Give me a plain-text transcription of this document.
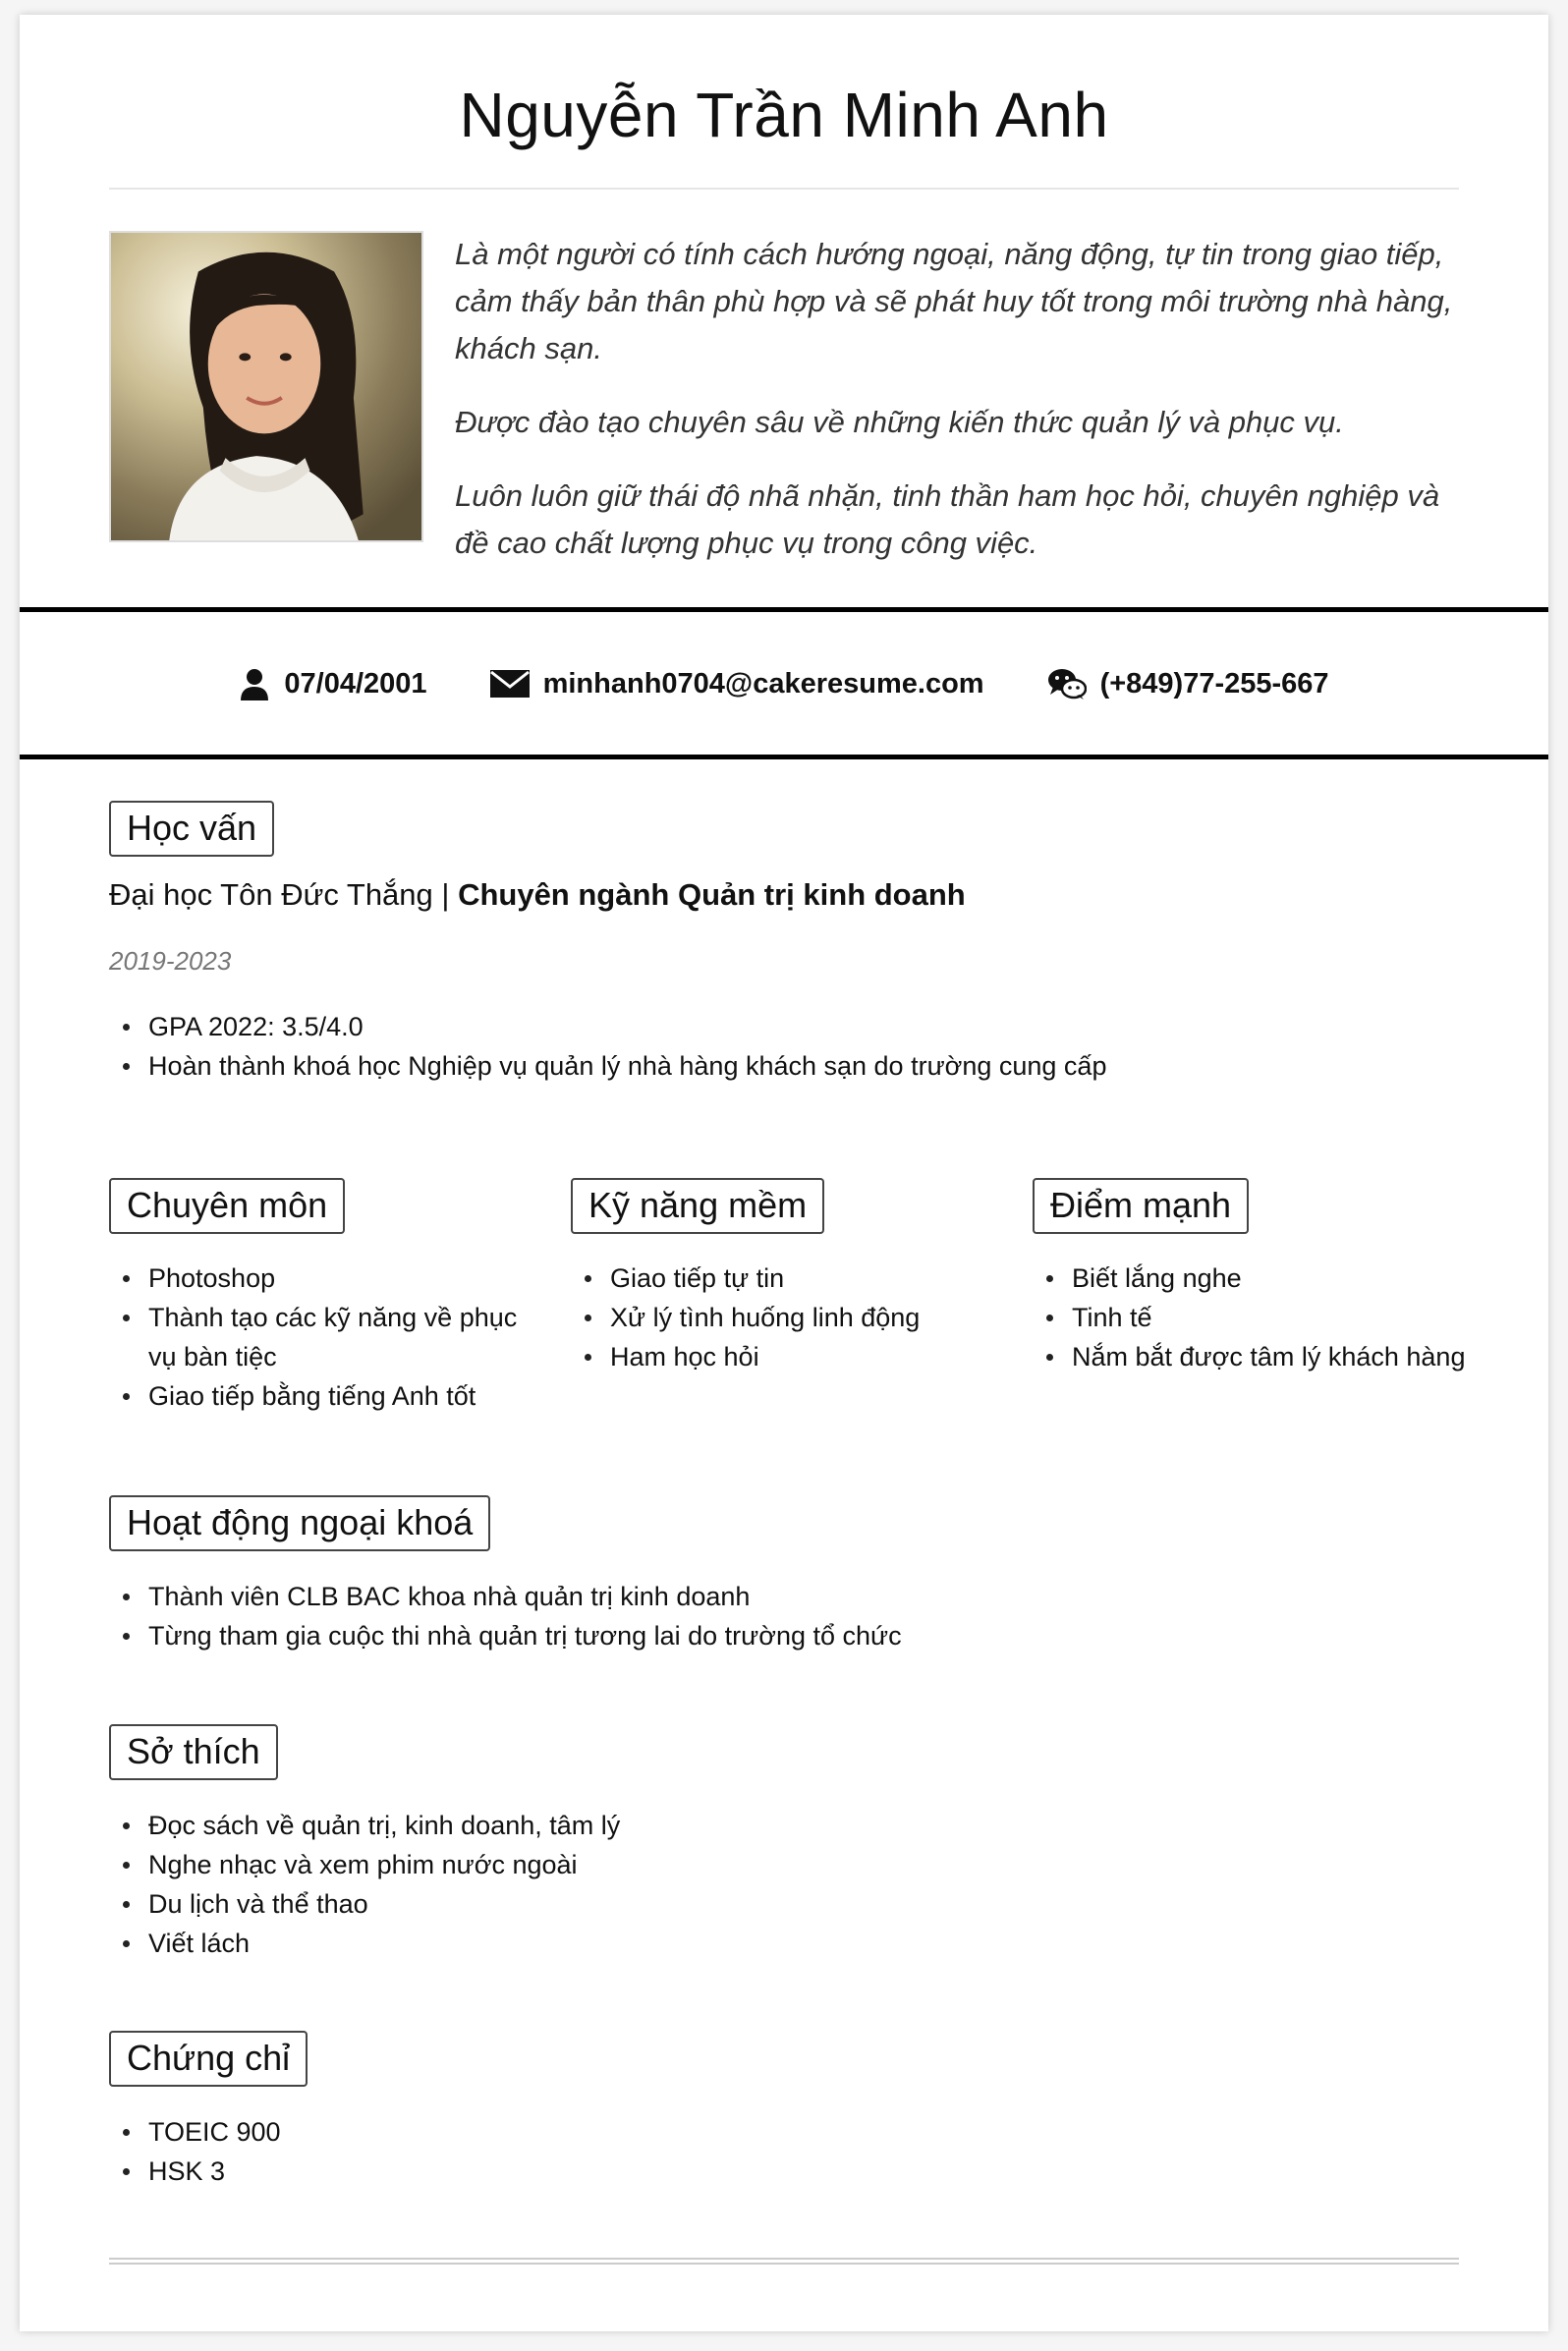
Nguyễn Trần Minh Anh

Là một người có tính cách hướng ngoại, năng động, tự tin trong giao tiếp, cảm thấy bản thân phù hợp và sẽ phát huy tốt trong môi trường nhà hàng, khách sạn.

Được đào tạo chuyên sâu về những kiến thức quản lý và phục vụ.

Luôn luôn giữ thái độ nhã nhặn, tinh thần ham học hỏi, chuyên nghiệp và đề cao chất lượng phục vụ trong công việc.

07/04/2001	minhanh0704@cakeresume.com	(+849)77-255-667
Học vấn
Đại học Tôn Đức Thắng | Chuyên ngành Quản trị kinh doanh
2019-2023
GPA 2022: 3.5/4.0
Hoàn thành khoá học Nghiệp vụ quản lý nhà hàng khách sạn do trường cung cấp
Chuyên môn
Photoshop
Thành tạo các kỹ năng về phục vụ bàn tiệc
Giao tiếp bằng tiếng Anh tốt
Kỹ năng mềm
Giao tiếp tự tin
Xử lý tình huống linh động
Ham học hỏi
Điểm mạnh
Biết lắng nghe
Tinh tế
Nắm bắt được tâm lý khách hàng
Hoạt động ngoại khoá
Thành viên CLB BAC khoa nhà quản trị kinh doanh
Từng tham gia cuộc thi nhà quản trị tương lai do trường tổ chức
Sở thích
Đọc sách về quản trị, kinh doanh, tâm lý
Nghe nhạc và xem phim nước ngoài
Du lịch và thể thao
Viết lách
Chứng chỉ
TOEIC 900
HSK 3
